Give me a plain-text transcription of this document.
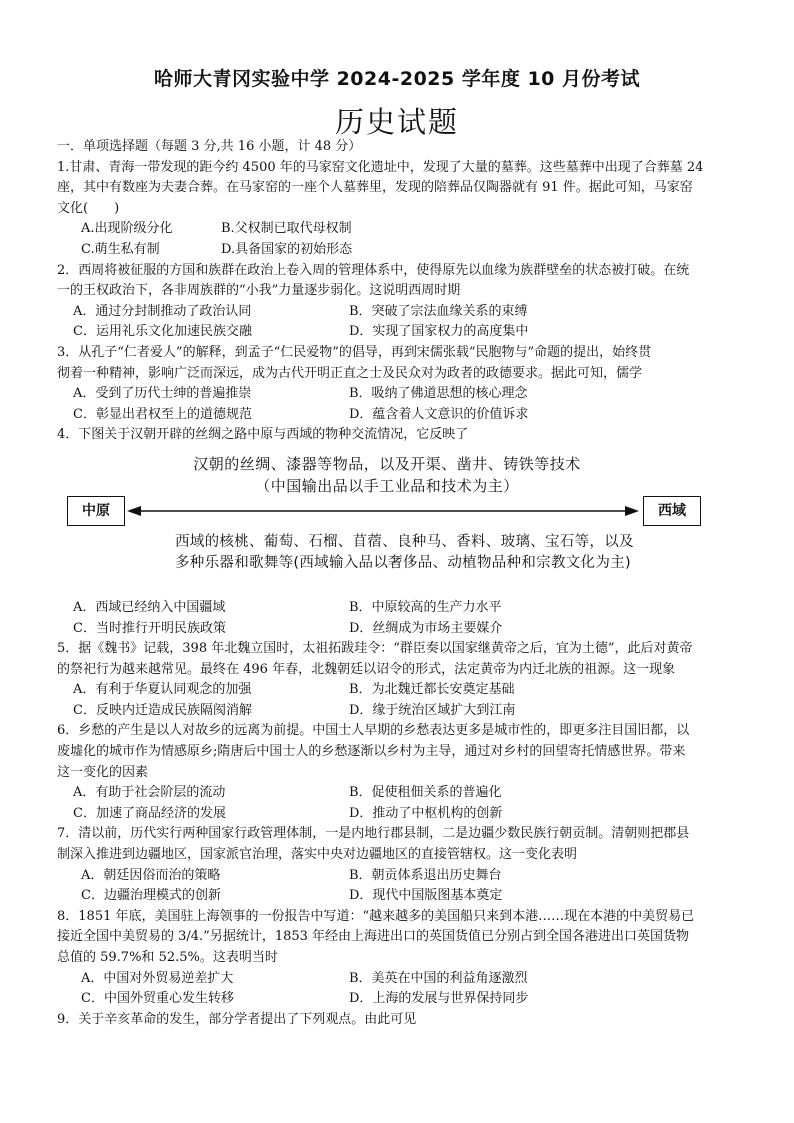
哈师大青冈实验中学 2024-2025 学年度 10 月份考试
历史试题

一．单项选择题（每题 3 分,共 16 小题，计 48 分）

1.甘肃、青海一带发现的距今约 4500 年的马家窑文化遗址中，发现了大量的墓葬。这些墓葬中出现了合葬墓 24

座，其中有数座为夫妻合葬。在马家窑的一座个人墓葬里，发现的陪葬品仅陶器就有 91 件。据此可知，马家窑

文化(　　)

A.出现阶级分化	B.父权制已取代母权制
C.萌生私有制	D.具备国家的初始形态

2．西周将被征服的方国和族群在政治上卷入周的管理体系中，使得原先以血缘为族群壁垒的状态被打破。在统

一的王权政治下，各非周族群的“小我”力量逐步弱化。这说明西周时期

A．通过分封制推动了政治认同	B．突破了宗法血缘关系的束缚
C．运用礼乐文化加速民族交融	D．实现了国家权力的高度集中

3．从孔子“仁者爱人”的解释，到孟子“仁民爱物”的倡导，再到宋儒张载“民胞物与”命题的提出，始终贯

彻着一种精神，影响广泛而深远，成为古代开明正直之士及民众对为政者的政德要求。据此可知，儒学

A．受到了历代士绅的普遍推崇	B．吸纳了佛道思想的核心理念
C．彰显出君权至上的道德规范	D．蕴含着人文意识的价值诉求

4．下图关于汉朝开辟的丝绸之路中原与西域的物种交流情况，它反映了

汉朝的丝绸、漆器等物品，以及开渠、凿井、铸铁等技术
（中国输出品以手工业品和技术为主）
中原	西域
西域的核桃、葡萄、石榴、苜蓿、良种马、香料、玻璃、宝石等，以及
多种乐器和歌舞等(西域输入品以奢侈品、动植物品种和宗教文化为主)
A．西域已经纳入中国疆域	B．中原较高的生产力水平
C．当时推行开明民族政策	D．丝绸成为市场主要媒介

5．据《魏书》记载，398 年北魏立国时，太祖拓跋珪令：“群臣奏以国家继黄帝之后，宜为土德”，此后对黄帝

的祭祀行为越来越常见。最终在 496 年春，北魏朝廷以诏令的形式，法定黄帝为内迁北族的祖源。这一现象

A．有利于华夏认同观念的加强	B．为北魏迁都长安奠定基础
C．反映内迁造成民族隔阂消解	D．缘于统治区域扩大到江南

6．乡愁的产生是以人对故乡的远离为前提。中国士人早期的乡愁表达更多是城市性的，即更多注目国旧都，以

废墟化的城市作为情感原乡;隋唐后中国士人的乡愁逐渐以乡村为主导，通过对乡村的回望寄托情感世界。带来

这一变化的因素

A．有助于社会阶层的流动	B．促使租佃关系的普遍化
C．加速了商品经济的发展	D．推动了中枢机构的创新

7．清以前，历代实行两种国家行政管理体制，一是内地行郡县制，二是边疆少数民族行朝贡制。清朝则把郡县

制深入推进到边疆地区，国家派官治理，落实中央对边疆地区的直接管辖权。这一变化表明

A．朝廷因俗而治的策略	B．朝贡体系退出历史舞台
C．边疆治理模式的创新	D．现代中国版图基本奠定

8．1851 年底，美国驻上海领事的一份报告中写道：“越来越多的美国船只来到本港……现在本港的中美贸易已

接近全国中美贸易的 3/4.”另据统计，1853 年经由上海进出口的英国货值已分别占到全国各港进出口英国货物

总值的 59.7%和 52.5%。这表明当时

A．中国对外贸易逆差扩大	B．美英在中国的利益角逐激烈
C．中国外贸重心发生转移	D．上海的发展与世界保持同步

9．关于辛亥革命的发生，部分学者提出了下列观点。由此可见
